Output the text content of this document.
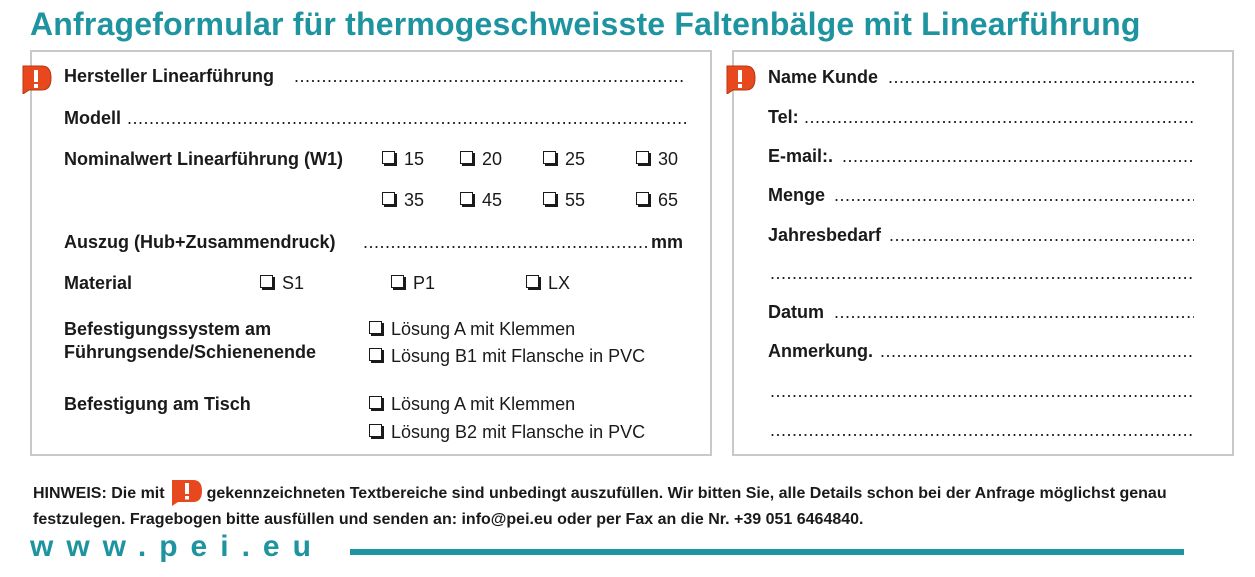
Anfrageformular für thermogeschweisste Faltenbälge mit Linearführung
Hersteller Linearführung
.....
Modell
.....
Nominalwert Linearführung (W1)	15	20	25	30
35	45	55	65
Auszug (Hub+Zusammendruck)
.....	mm
Material	S1	P1	LX
Befestigungssystem am
Führungsende/Schienenende
Lösung A mit Klemmen
Lösung B1 mit Flansche in PVC
Befestigung am Tisch	Lösung A mit Klemmen
Lösung B2 mit Flansche in PVC
Name Kunde
.....
Tel:
.....
E-mail:.
.....
Menge
.....
Jahresbedarf
.....
.....
Datum
.....
Anmerkung.
.....
.....
.....

HINWEIS: Die mit	gekennzeichneten Textbereiche sind unbedingt auszufüllen. Wir bitten Sie, alle Details schon bei der Anfrage möglichst genau festzulegen. Fragebogen bitte ausfüllen und senden an: info@pei.eu oder per Fax an die Nr. +39 051 6464840.

www.pei.eu
